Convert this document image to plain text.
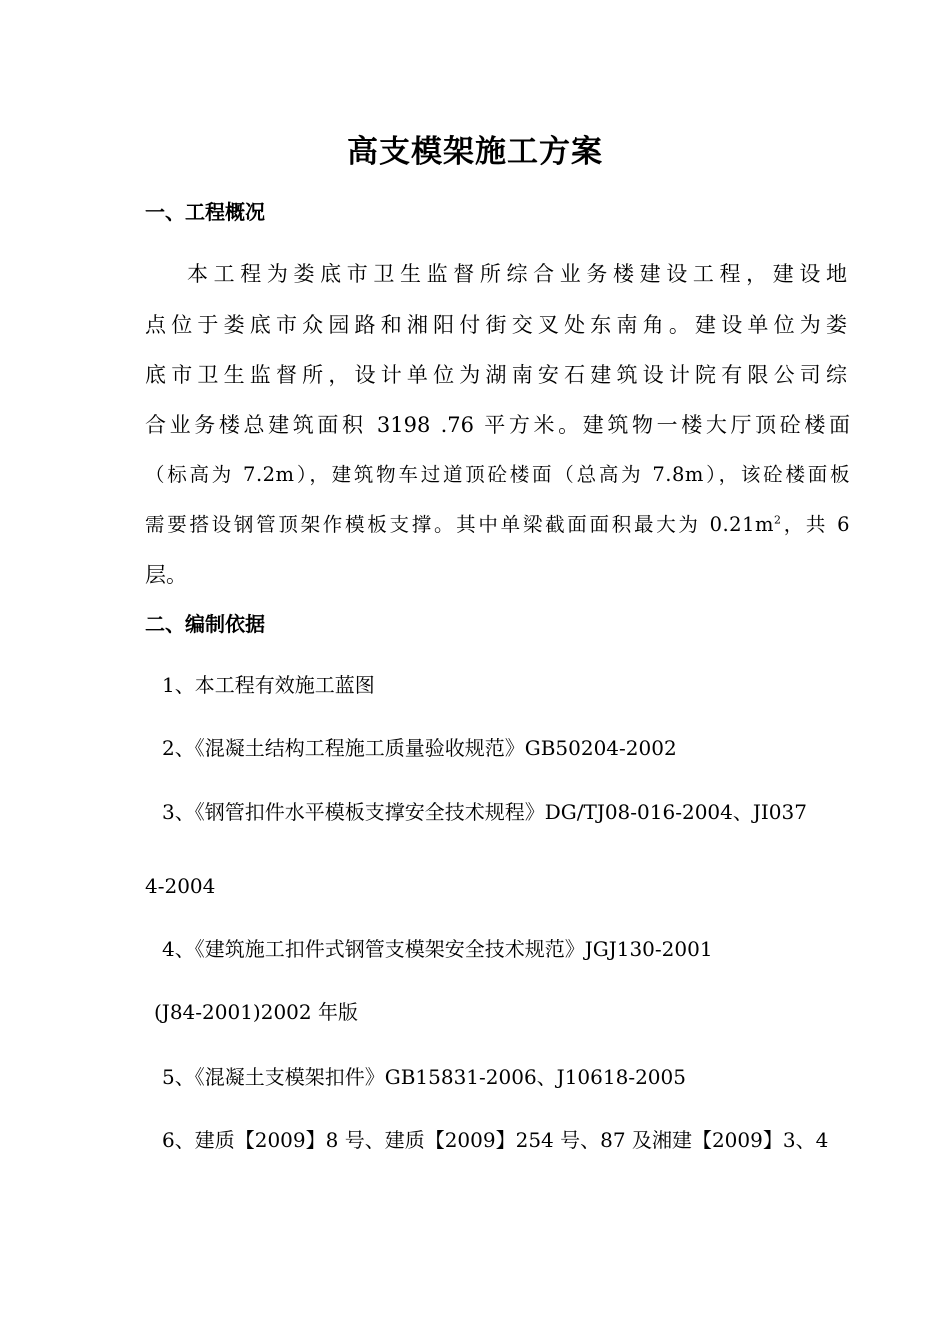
高支模架施工方案
一、工程概况
本工程为娄底市卫生监督所综合业务楼建设工程，建设地
点位于娄底市众园路和湘阳付街交叉处东南角。建设单位为娄
底市卫生监督所，设计单位为湖南安石建筑设计院有限公司综
合业务楼总建筑面积 3198 .76 平方米。建筑物一楼大厅顶砼楼面
（标高为 7.2m），建筑物车过道顶砼楼面（总高为 7.8m），该砼楼面板
需要搭设钢管顶架作模板支撑。其中单梁截面面积最大为 $0.21m^2$，共 6
层。
二、编制依据
1、本工程有效施工蓝图
2、《混凝土结构工程施工质量验收规范》GB50204-2002
3、《钢管扣件水平模板支撑安全技术规程》DG/TJ08-016-2004、JI037
4-2004
4、《建筑施工扣件式钢管支模架安全技术规范》JGJ130-2001
(J84-2001)2002 年版
5、《混凝土支模架扣件》GB15831-2006、J10618-2005
6、建质【2009】8 号、建质【2009】254 号、87 及湘建【2009】3、4
